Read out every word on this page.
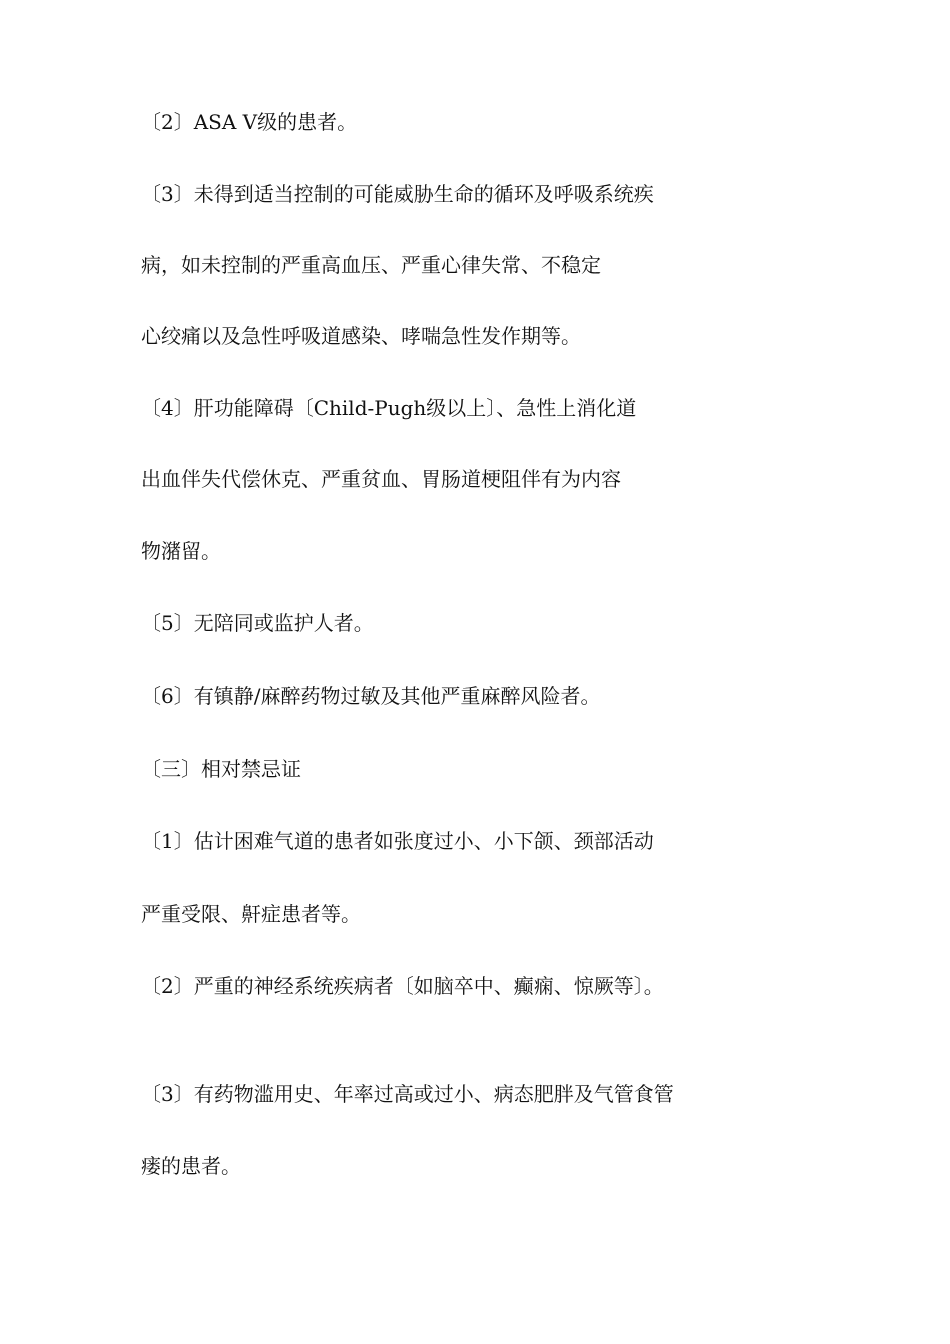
〔2〕ASA Ⅴ级的患者。
〔3〕未得到适当控制的可能威胁生命的循环及呼吸系统疾
病，如未控制的严重高血压、严重心律失常、不稳定
心绞痛以及急性呼吸道感染、哮喘急性发作期等。
〔4〕肝功能障碍〔Child-Pugh级以上〕、急性上消化道
出血伴失代偿休克、严重贫血、胃肠道梗阻伴有为内容
物潴留。
〔5〕无陪同或监护人者。
〔6〕有镇静/麻醉药物过敏及其他严重麻醉风险者。
〔三〕相对禁忌证
〔1〕估计困难气道的患者如张度过小、小下颌、颈部活动
严重受限、鼾症患者等。
〔2〕严重的神经系统疾病者〔如脑卒中、癫痫、惊厥等〕。
〔3〕有药物滥用史、年率过高或过小、病态肥胖及气管食管
瘘的患者。
